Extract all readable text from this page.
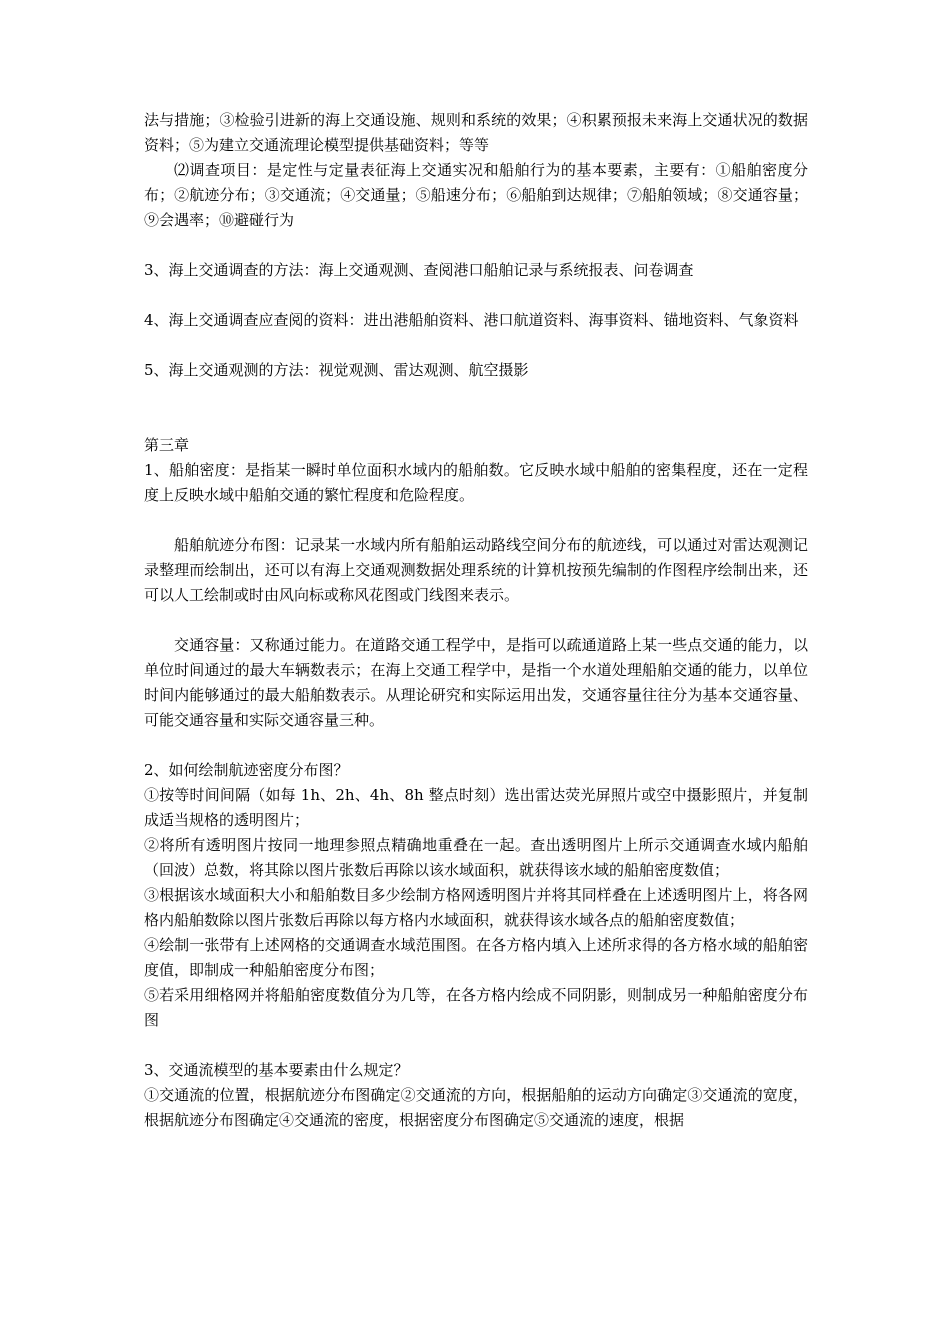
法与措施；③检验引进新的海上交通设施、规则和系统的效果；④积累预报未来海上交通状况的数据资料；⑤为建立交通流理论模型提供基础资料；等等

⑵调查项目：是定性与定量表征海上交通实况和船舶行为的基本要素，主要有：①船舶密度分布；②航迹分布；③交通流；④交通量；⑤船速分布；⑥船舶到达规律；⑦船舶领域；⑧交通容量；⑨会遇率；⑩避碰行为

3、海上交通调查的方法：海上交通观测、查阅港口船舶记录与系统报表、问卷调查

4、海上交通调查应查阅的资料：进出港船舶资料、港口航道资料、海事资料、锚地资料、气象资料

5、海上交通观测的方法：视觉观测、雷达观测、航空摄影

第三章

1、船舶密度：是指某一瞬时单位面积水域内的船舶数。它反映水域中船舶的密集程度，还在一定程度上反映水域中船舶交通的繁忙程度和危险程度。

船舶航迹分布图：记录某一水域内所有船舶运动路线空间分布的航迹线，可以通过对雷达观测记录整理而绘制出，还可以有海上交通观测数据处理系统的计算机按预先编制的作图程序绘制出来，还可以人工绘制或时由风向标或称风花图或门线图来表示。

交通容量：又称通过能力。在道路交通工程学中，是指可以疏通道路上某一些点交通的能力，以单位时间通过的最大车辆数表示；在海上交通工程学中，是指一个水道处理船舶交通的能力，以单位时间内能够通过的最大船舶数表示。从理论研究和实际运用出发，交通容量往往分为基本交通容量、可能交通容量和实际交通容量三种。

2、如何绘制航迹密度分布图？

①按等时间间隔（如每 1h、2h、4h、8h 整点时刻）选出雷达荧光屏照片或空中摄影照片，并复制成适当规格的透明图片；

②将所有透明图片按同一地理参照点精确地重叠在一起。查出透明图片上所示交通调查水域内船舶（回波）总数，将其除以图片张数后再除以该水域面积，就获得该水域的船舶密度数值；

③根据该水域面积大小和船舶数目多少绘制方格网透明图片并将其同样叠在上述透明图片上，将各网格内船舶数除以图片张数后再除以每方格内水域面积，就获得该水域各点的船舶密度数值；

④绘制一张带有上述网格的交通调查水域范围图。在各方格内填入上述所求得的各方格水域的船舶密度值，即制成一种船舶密度分布图；

⑤若采用细格网并将船舶密度数值分为几等，在各方格内绘成不同阴影，则制成另一种船舶密度分布图

3、交通流模型的基本要素由什么规定？

①交通流的位置，根据航迹分布图确定②交通流的方向，根据船舶的运动方向确定③交通流的宽度，根据航迹分布图确定④交通流的密度，根据密度分布图确定⑤交通流的速度，根据
